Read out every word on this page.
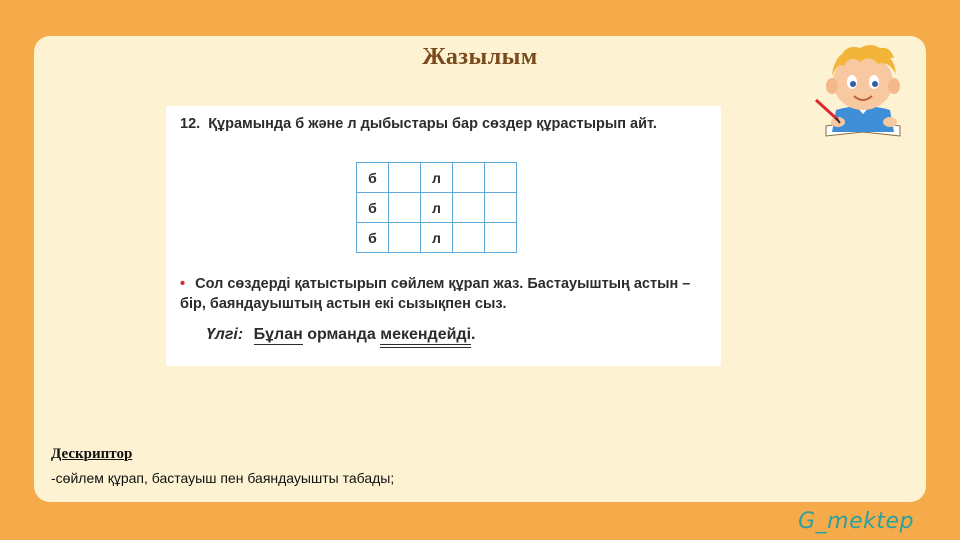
Жазылым
12. Құрамында б және л дыбыстары бар сөздер құрастырып айт.
б		л		
б		л		
б		л		
• Сол сөздерді қатыстырып сөйлем құрап жаз. Бастауыштың астын – бір, баяндауыштың астын екі сызықпен сыз.
Үлгі: Бұлан орманда мекендейді.
Дескриптор
-сөйлем құрап, бастауыш пен баяндауышты табады;
G_mektep
